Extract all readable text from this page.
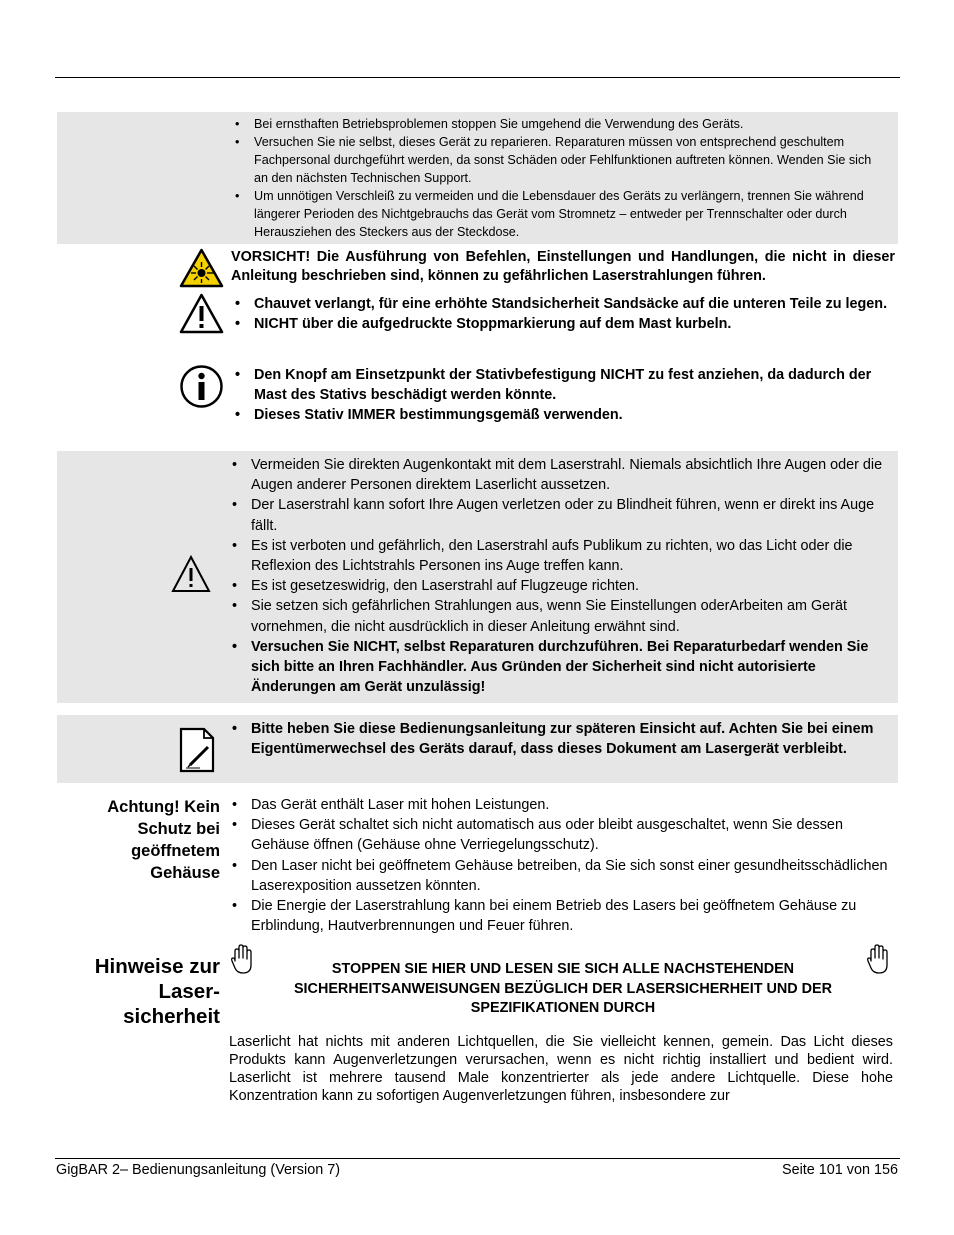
• Bei ernsthaften Betriebsproblemen stoppen Sie umgehend die Verwendung des Geräts.
• Versuchen Sie nie selbst, dieses Gerät zu reparieren. Reparaturen müssen von entsprechend geschultem Fachpersonal durchgeführt werden, da sonst Schäden oder Fehlfunktionen auftreten können. Wenden Sie sich an den nächsten Technischen Support.
• Um unnötigen Verschleiß zu vermeiden und die Lebensdauer des Geräts zu verlängern, trennen Sie während längerer Perioden des Nichtgebrauchs das Gerät vom Stromnetz – entweder per Trennschalter oder durch Herausziehen des Steckers aus der Steckdose.
VORSICHT! Die Ausführung von Befehlen, Einstellungen und Handlungen, die nicht in dieser Anleitung beschrieben sind, können zu gefährlichen Laserstrahlungen führen.
• Chauvet verlangt, für eine erhöhte Standsicherheit Sandsäcke auf die unteren Teile zu legen.
• NICHT über die aufgedruckte Stoppmarkierung auf dem Mast kurbeln.
• Den Knopf am Einsetzpunkt der Stativbefestigung NICHT zu fest anziehen, da dadurch der Mast des Stativs beschädigt werden könnte.
• Dieses Stativ IMMER bestimmungsgemäß verwenden.
• Vermeiden Sie direkten Augenkontakt mit dem Laserstrahl. Niemals absichtlich Ihre Augen oder die Augen anderer Personen direktem Laserlicht aussetzen.
• Der Laserstrahl kann sofort Ihre Augen verletzen oder zu Blindheit führen, wenn er direkt ins Auge fällt.
• Es ist verboten und gefährlich, den Laserstrahl aufs Publikum zu richten, wo das Licht oder die Reflexion des Lichtstrahls Personen ins Auge treffen kann.
• Es ist gesetzeswidrig, den Laserstrahl auf Flugzeuge richten.
• Sie setzen sich gefährlichen Strahlungen aus, wenn Sie Einstellungen oderArbeiten am Gerät vornehmen, die nicht ausdrücklich in dieser Anleitung erwähnt sind.
• Versuchen Sie NICHT, selbst Reparaturen durchzuführen. Bei Reparaturbedarf wenden Sie sich bitte an Ihren Fachhändler. Aus Gründen der Sicherheit sind nicht autorisierte Änderungen am Gerät unzulässig!
• Bitte heben Sie diese Bedienungsanleitung zur späteren Einsicht auf. Achten Sie bei einem Eigentümerwechsel des Geräts darauf, dass dieses Dokument am Lasergerät verbleibt.
Achtung! Kein
Schutz bei
geöffnetem
Gehäuse
• Das Gerät enthält Laser mit hohen Leistungen.
• Dieses Gerät schaltet sich nicht automatisch aus oder bleibt ausgeschaltet, wenn Sie dessen Gehäuse öffnen (Gehäuse ohne Verriegelungsschutz).
• Den Laser nicht bei geöffnetem Gehäuse betreiben, da Sie sich sonst einer gesundheitsschädlichen Laserexposition aussetzen könnten.
• Die Energie der Laserstrahlung kann bei einem Betrieb des Lasers bei geöffnetem Gehäuse zu Erblindung, Hautverbrennungen und Feuer führen.
Hinweise zur
Laser-
sicherheit
STOPPEN SIE HIER UND LESEN SIE SICH ALLE NACHSTEHENDEN SICHERHEITSANWEISUNGEN BEZÜGLICH DER LASERSICHERHEIT UND DER SPEZIFIKATIONEN DURCH
Laserlicht hat nichts mit anderen Lichtquellen, die Sie vielleicht kennen, gemein. Das Licht dieses Produkts kann Augenverletzungen verursachen, wenn es nicht richtig installiert und bedient wird. Laserlicht ist mehrere tausend Male konzentrierter als jede andere Lichtquelle. Diese hohe Konzentration kann zu sofortigen Augenverletzungen führen, insbesondere zur
GigBAR 2– Bedienungsanleitung (Version 7)	Seite 101 von 156
